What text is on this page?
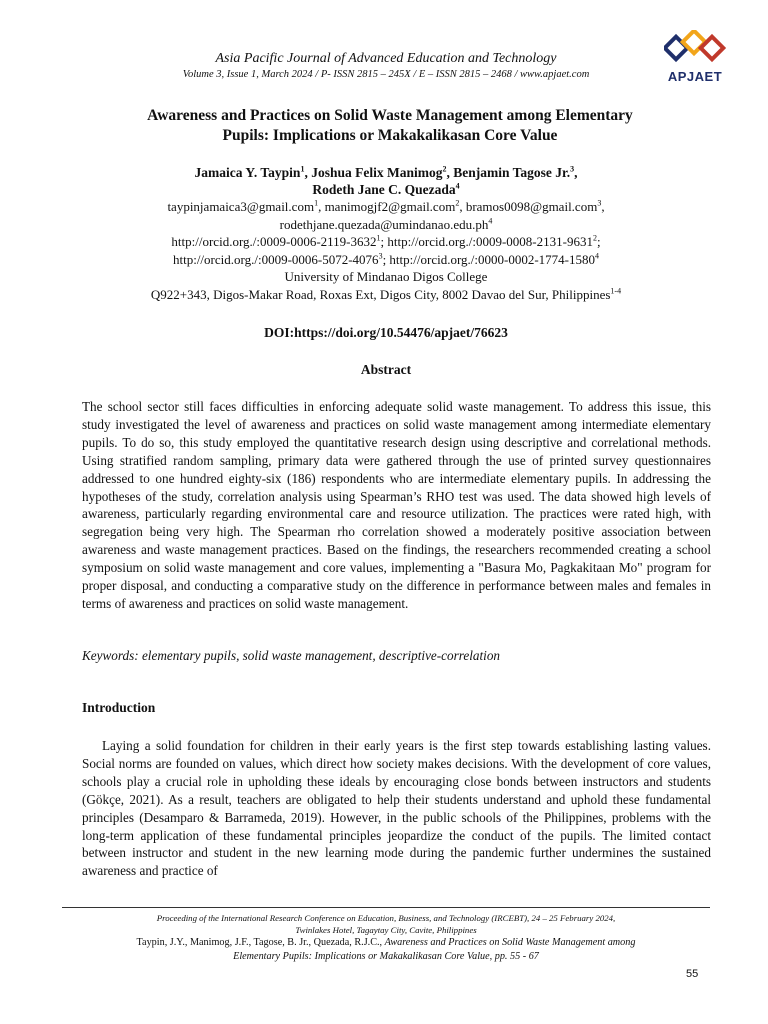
Asia Pacific Journal of Advanced Education and Technology
Volume 3, Issue 1, March 2024 / P- ISSN 2815 – 245X / E – ISSN 2815 – 2468 / www.apjaet.com	APJAET
Awareness and Practices on Solid Waste Management among Elementary
Pupils: Implications or Makakalikasan Core Value
Jamaica Y. Taypin$^1$, Joshua Felix Manimog$^2$, Benjamin Tagose Jr.$^3$,
Rodeth Jane C. Quezada$^4$
taypinjamaica3@gmail.com$^1$, manimogjf2@gmail.com$^2$, bramos0098@gmail.com$^3$,
$rodethjane.quezada@umindanao.edu.ph^4$
http://orcid.org./:0009-0006-2119-3632$^1$; http://orcid.org./:0009-0008-2131-9631$^2$;
http://orcid.org./:0009-0006-5072-4076$^3$; http://orcid.org./:0000-0002-1774-1580$^4$
University of Mindanao Digos College
Q922+343, Digos-Makar Road, Roxas Ext, Digos City, 8002 Davao del Sur, Philippines$^{1-4}$
DOI:https://doi.org/10.54476/apjaet/76623
Abstract
The school sector still faces difficulties in enforcing adequate solid waste management. To address this issue, this study investigated the level of awareness and practices on solid waste management among intermediate elementary pupils. To do so, this study employed the quantitative research design using descriptive and correlational methods. Using stratified random sampling, primary data were gathered through the use of printed survey questionnaires addressed to one hundred eighty-six (186) respondents who are intermediate elementary pupils. In addressing the hypotheses of the study, correlation analysis using Spearman’s RHO test was used. The data showed high levels of awareness, particularly regarding environmental care and resource utilization. The practices were rated high, with segregation being very high. The Spearman rho correlation showed a moderately positive association between awareness and waste management practices. Based on the findings, the researchers recommended creating a school symposium on solid waste management and core values, implementing a "Basura Mo, Pagkakitaan Mo" program for proper disposal, and conducting a comparative study on the difference in performance between males and females in terms of awareness and practices on solid waste management.
Keywords: elementary pupils, solid waste management, descriptive-correlation
Introduction
Laying a solid foundation for children in their early years is the first step towards establishing lasting values. Social norms are founded on values, which direct how society makes decisions. With the development of core values, schools play a crucial role in upholding these ideals by encouraging close bonds between instructors and students (Gökçe, 2021). As a result, teachers are obligated to help their students understand and uphold these fundamental principles (Desamparo & Barrameda, 2019). However, in the public schools of the Philippines, problems with the long-term application of these fundamental principles jeopardize the conduct of the pupils. The limited contact between instructor and student in the new learning mode during the pandemic further undermines the sustained awareness and practice of
Proceeding of the International Research Conference on Education, Business, and Technology (IRCEBT), 24 – 25 February 2024,
Twinlakes Hotel, Tagaytay City, Cavite, Philippines
Taypin, J.Y., Manimog, J.F., Tagose, B. Jr., Quezada, R.J.C., Awareness and Practices on Solid Waste Management among
Elementary Pupils: Implications or Makakalikasan Core Value, pp. 55 - 67
55
